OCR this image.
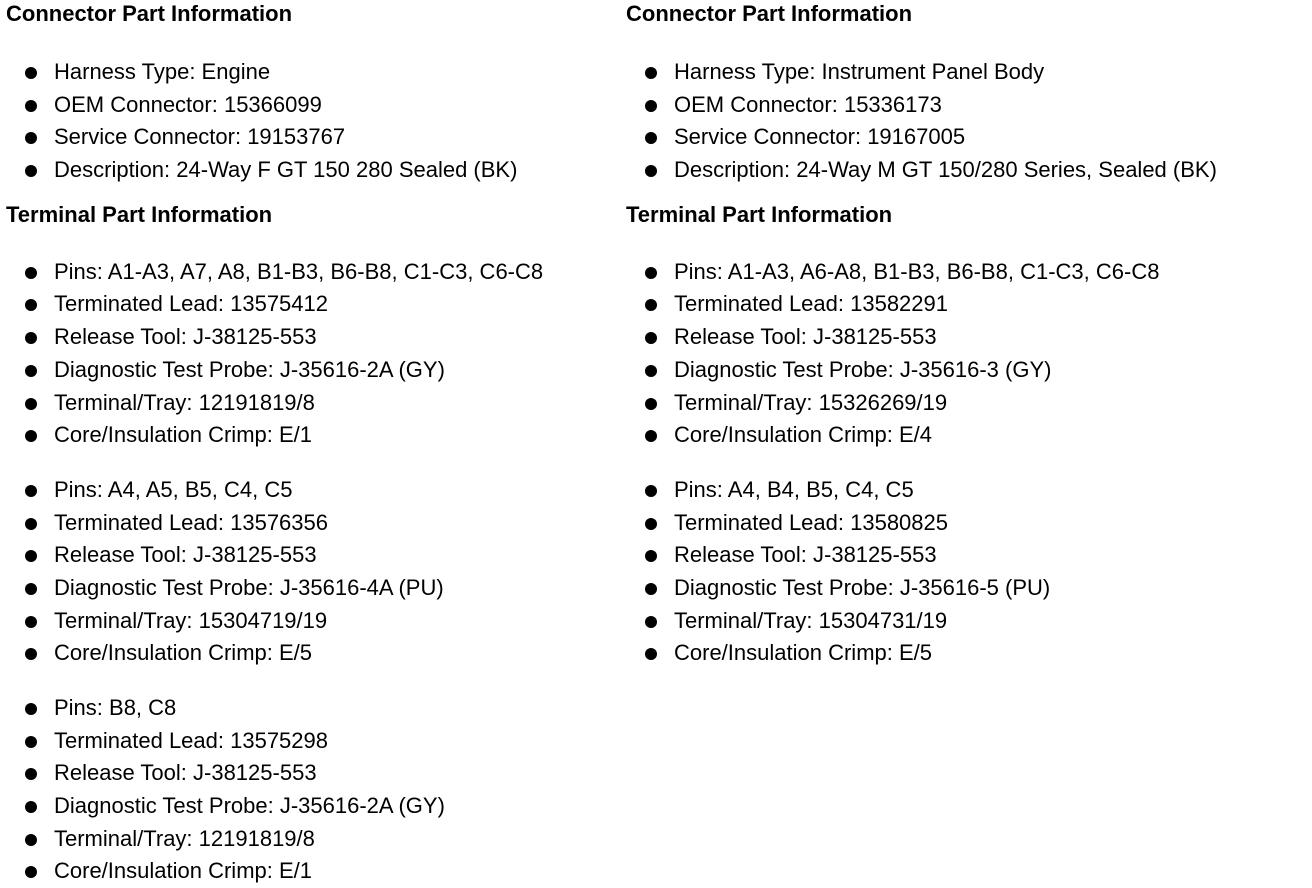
Connector Part Information
Harness Type: Engine
OEM Connector: 15366099
Service Connector: 19153767
Description: 24-Way F GT 150 280 Sealed (BK)
Terminal Part Information
Pins: A1-A3, A7, A8, B1-B3, B6-B8, C1-C3, C6-C8
Terminated Lead: 13575412
Release Tool: J-38125-553
Diagnostic Test Probe: J-35616-2A (GY)
Terminal/Tray: 12191819/8
Core/Insulation Crimp: E/1
Pins: A4, A5, B5, C4, C5
Terminated Lead: 13576356
Release Tool: J-38125-553
Diagnostic Test Probe: J-35616-4A (PU)
Terminal/Tray: 15304719/19
Core/Insulation Crimp: E/5
Pins: B8, C8
Terminated Lead: 13575298
Release Tool: J-38125-553
Diagnostic Test Probe: J-35616-2A (GY)
Terminal/Tray: 12191819/8
Core/Insulation Crimp: E/1
Connector Part Information
Harness Type: Instrument Panel Body
OEM Connector: 15336173
Service Connector: 19167005
Description: 24-Way M GT 150/280 Series, Sealed (BK)
Terminal Part Information
Pins: A1-A3, A6-A8, B1-B3, B6-B8, C1-C3, C6-C8
Terminated Lead: 13582291
Release Tool: J-38125-553
Diagnostic Test Probe: J-35616-3 (GY)
Terminal/Tray: 15326269/19
Core/Insulation Crimp: E/4
Pins: A4, B4, B5, C4, C5
Terminated Lead: 13580825
Release Tool: J-38125-553
Diagnostic Test Probe: J-35616-5 (PU)
Terminal/Tray: 15304731/19
Core/Insulation Crimp: E/5
